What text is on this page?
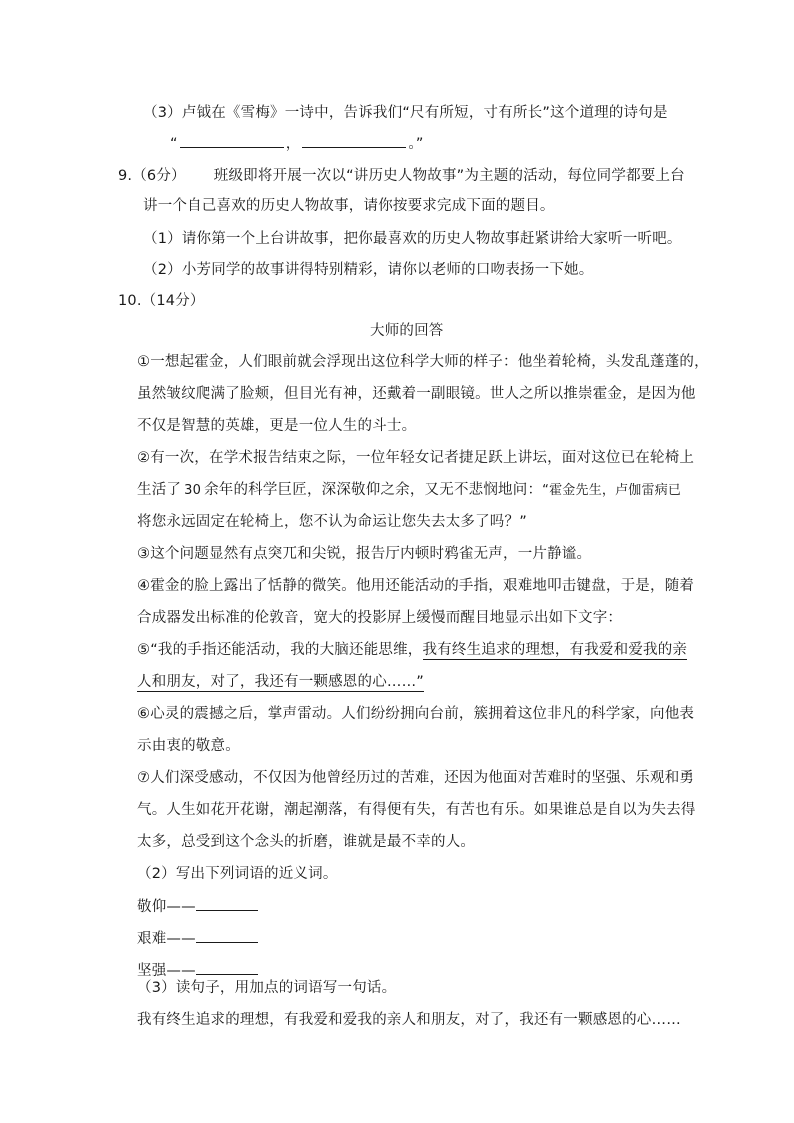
（3）卢钺在《雪梅》一诗中，告诉我们“尺有所短，寸有所长”这个道理的诗句是
“	，	。”
9.（6分） 班级即将开展一次以“讲历史人物故事”为主题的活动，每位同学都要上台
讲一个自己喜欢的历史人物故事，请你按要求完成下面的题目。
（1）请你第一个上台讲故事，把你最喜欢的历史人物故事赶紧讲给大家听一听吧。
（2）小芳同学的故事讲得特别精彩，请你以老师的口吻表扬一下她。
10.（14分）
大师的回答
①一想起霍金，人们眼前就会浮现出这位科学大师的样子：他坐着轮椅，头发乱蓬蓬的，
虽然皱纹爬满了脸颊，但目光有神，还戴着一副眼镜。世人之所以推崇霍金，是因为他
不仅是智慧的英雄，更是一位人生的斗士。
②有一次，在学术报告结束之际，一位年轻女记者捷足跃上讲坛，面对这位已在轮椅上
生活了 30 余年的科学巨匠，深深敬仰之余，又无不悲悯地问：“霍金先生，卢伽雷病已
将您永远固定在轮椅上，您不认为命运让您失去太多了吗？”
③这个问题显然有点突兀和尖锐，报告厅内顿时鸦雀无声，一片静谧。
④霍金的脸上露出了恬静的微笑。他用还能活动的手指，艰难地叩击键盘，于是，随着
合成器发出标准的伦敦音，宽大的投影屏上缓慢而醒目地显示出如下文字：
⑤“我的手指还能活动，我的大脑还能思维，我有终生追求的理想，有我爱和爱我的亲
人和朋友，对了，我还有一颗感恩的心……”
⑥心灵的震撼之后，掌声雷动。人们纷纷拥向台前，簇拥着这位非凡的科学家，向他表
示由衷的敬意。
⑦人们深受感动，不仅因为他曾经历过的苦难，还因为他面对苦难时的坚强、乐观和勇
气。人生如花开花谢，潮起潮落，有得便有失，有苦也有乐。如果谁总是自以为失去得
太多，总受到这个念头的折磨，谁就是最不幸的人。
（2）写出下列词语的近义词。
敬仰——
艰难——
坚强——
（3）读句子，用加点的词语写一句话。
我有终生追求的理想，有我爱和爱我的亲人和朋友，对了，我还有一颗感恩的心……
